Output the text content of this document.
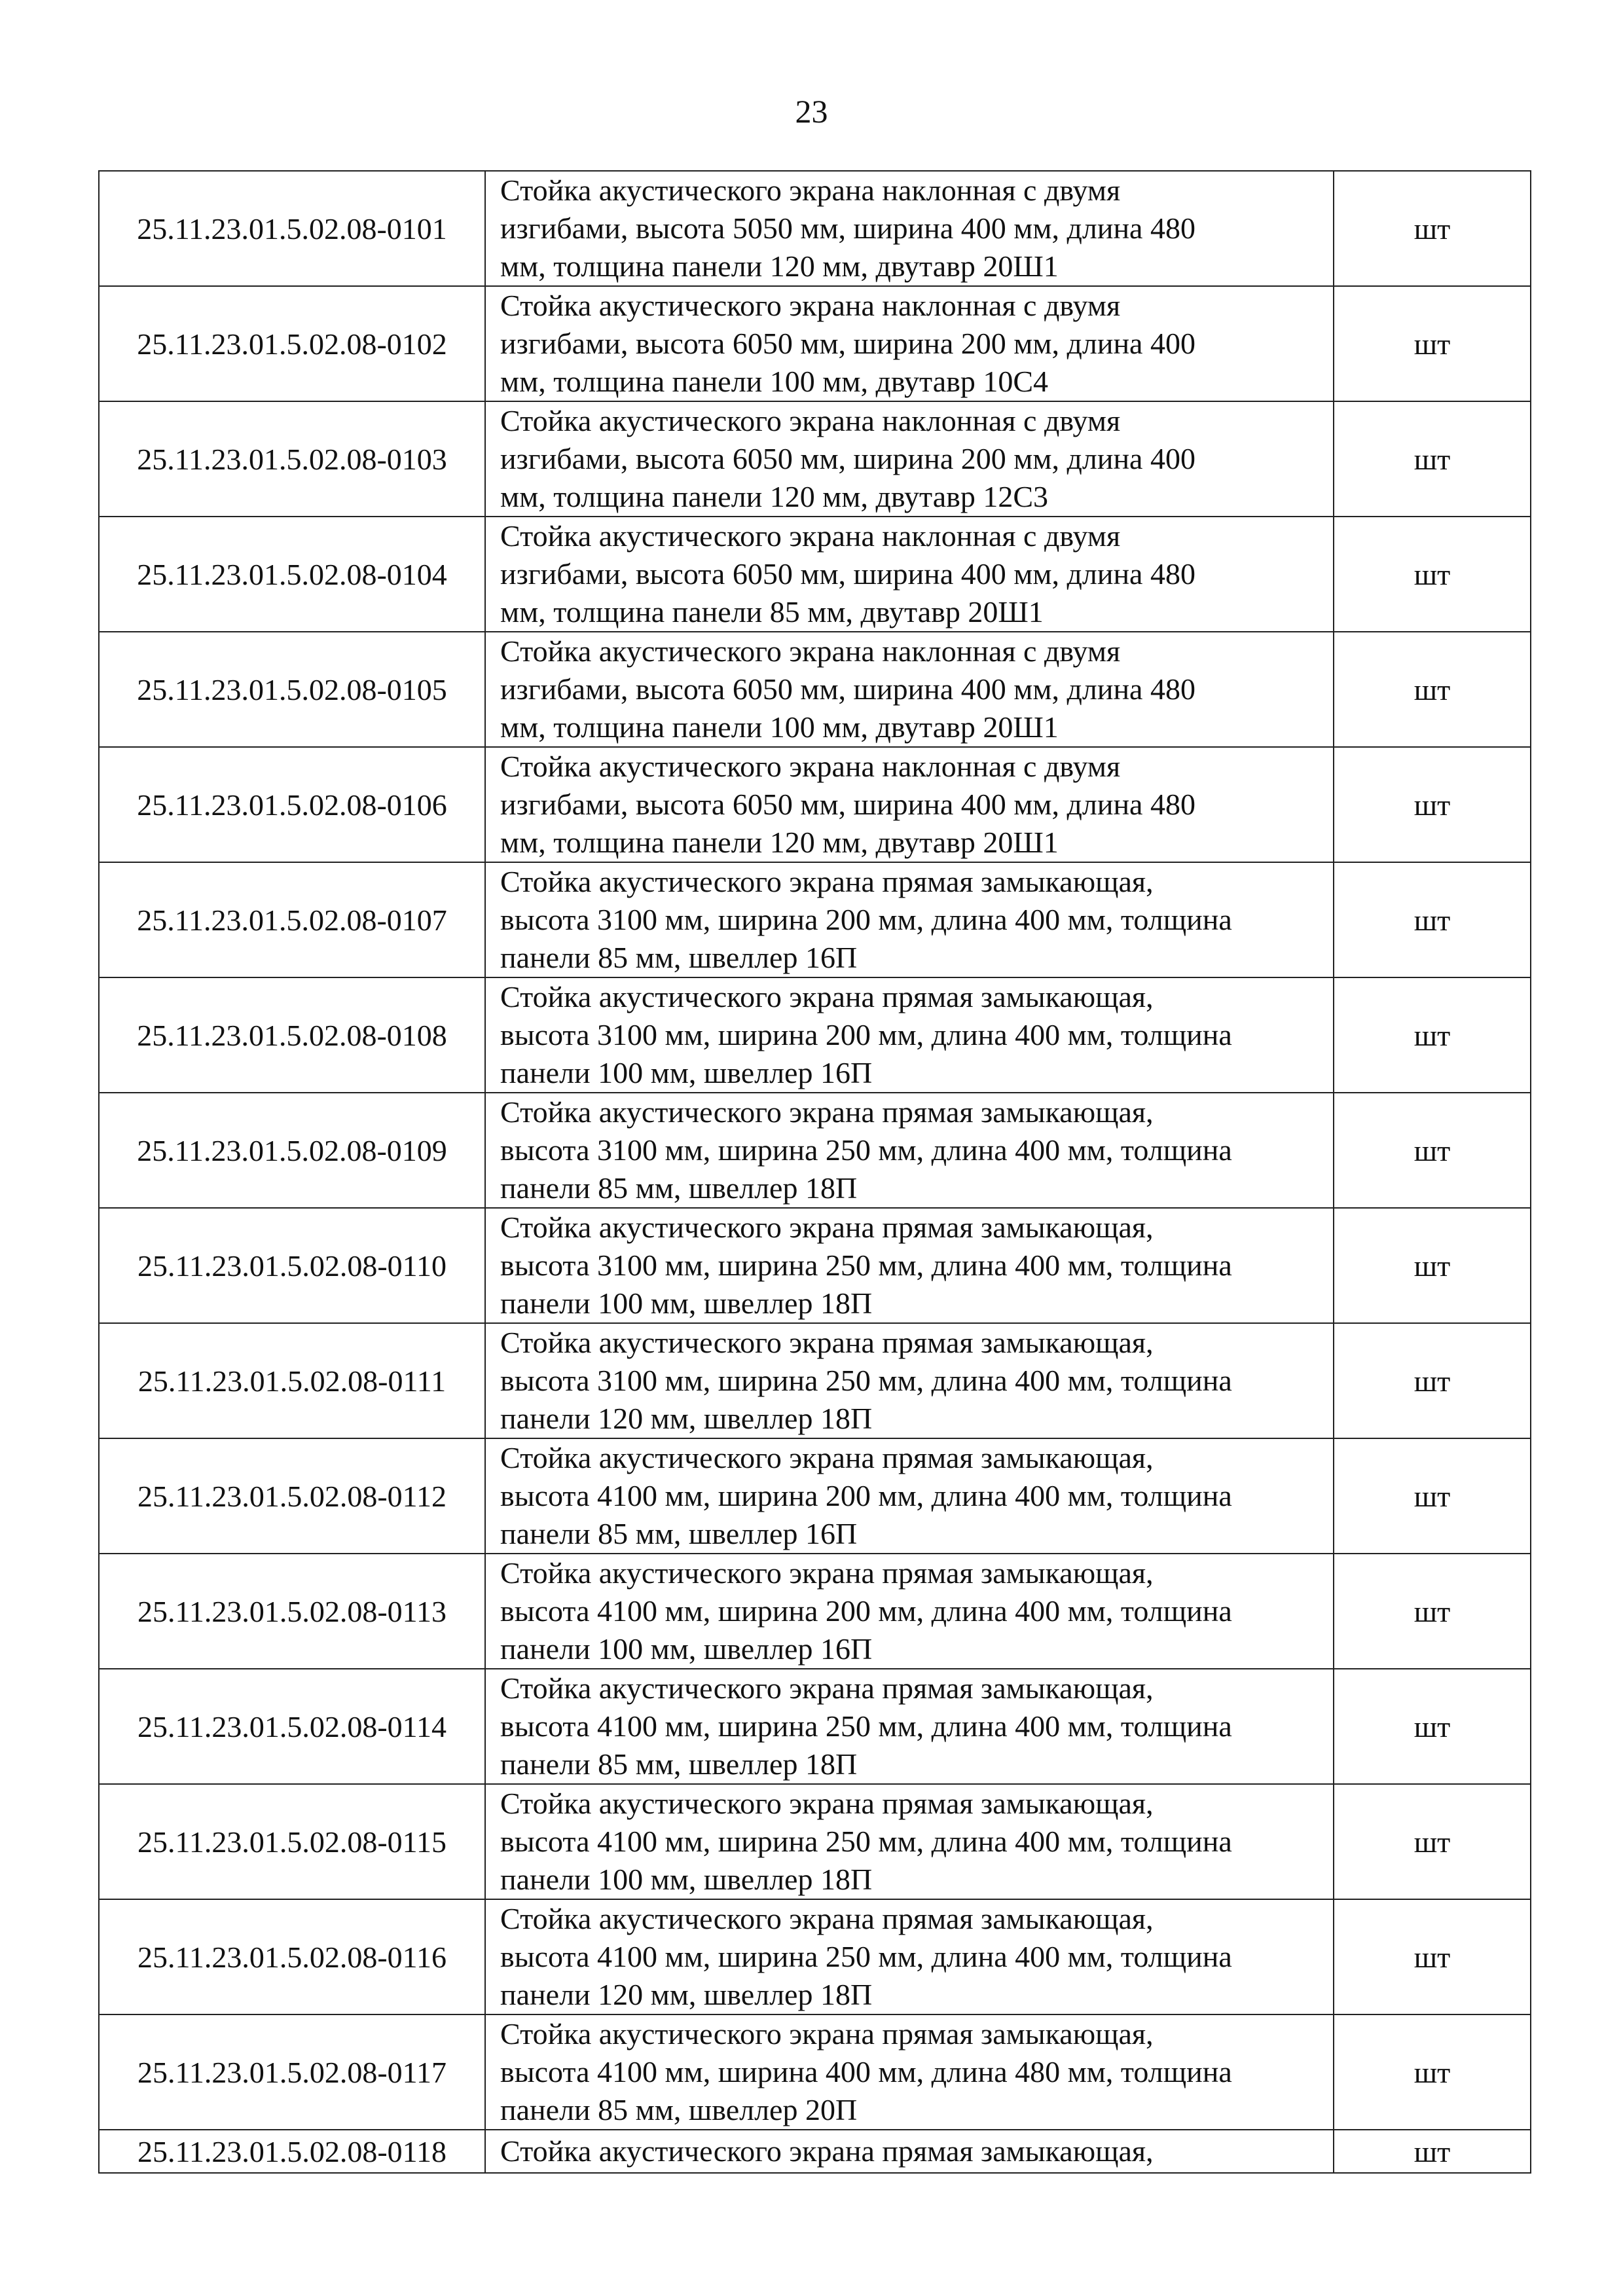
23
25.11.23.01.5.02.08-0101	Стойка акустического экрана наклонная с двумя
изгибами, высота 5050 мм, ширина 400 мм, длина 480
мм, толщина панели 120 мм, двутавр 20Ш1	шт
25.11.23.01.5.02.08-0102	Стойка акустического экрана наклонная с двумя
изгибами, высота 6050 мм, ширина 200 мм, длина 400
мм, толщина панели 100 мм, двутавр 10С4	шт
25.11.23.01.5.02.08-0103	Стойка акустического экрана наклонная с двумя
изгибами, высота 6050 мм, ширина 200 мм, длина 400
мм, толщина панели 120 мм, двутавр 12С3	шт
25.11.23.01.5.02.08-0104	Стойка акустического экрана наклонная с двумя
изгибами, высота 6050 мм, ширина 400 мм, длина 480
мм, толщина панели 85 мм, двутавр 20Ш1	шт
25.11.23.01.5.02.08-0105	Стойка акустического экрана наклонная с двумя
изгибами, высота 6050 мм, ширина 400 мм, длина 480
мм, толщина панели 100 мм, двутавр 20Ш1	шт
25.11.23.01.5.02.08-0106	Стойка акустического экрана наклонная с двумя
изгибами, высота 6050 мм, ширина 400 мм, длина 480
мм, толщина панели 120 мм, двутавр 20Ш1	шт
25.11.23.01.5.02.08-0107	Стойка акустического экрана прямая замыкающая,
высота 3100 мм, ширина 200 мм, длина 400 мм, толщина
панели 85 мм, швеллер 16П	шт
25.11.23.01.5.02.08-0108	Стойка акустического экрана прямая замыкающая,
высота 3100 мм, ширина 200 мм, длина 400 мм, толщина
панели 100 мм, швеллер 16П	шт
25.11.23.01.5.02.08-0109	Стойка акустического экрана прямая замыкающая,
высота 3100 мм, ширина 250 мм, длина 400 мм, толщина
панели 85 мм, швеллер 18П	шт
25.11.23.01.5.02.08-0110	Стойка акустического экрана прямая замыкающая,
высота 3100 мм, ширина 250 мм, длина 400 мм, толщина
панели 100 мм, швеллер 18П	шт
25.11.23.01.5.02.08-0111	Стойка акустического экрана прямая замыкающая,
высота 3100 мм, ширина 250 мм, длина 400 мм, толщина
панели 120 мм, швеллер 18П	шт
25.11.23.01.5.02.08-0112	Стойка акустического экрана прямая замыкающая,
высота 4100 мм, ширина 200 мм, длина 400 мм, толщина
панели 85 мм, швеллер 16П	шт
25.11.23.01.5.02.08-0113	Стойка акустического экрана прямая замыкающая,
высота 4100 мм, ширина 200 мм, длина 400 мм, толщина
панели 100 мм, швеллер 16П	шт
25.11.23.01.5.02.08-0114	Стойка акустического экрана прямая замыкающая,
высота 4100 мм, ширина 250 мм, длина 400 мм, толщина
панели 85 мм, швеллер 18П	шт
25.11.23.01.5.02.08-0115	Стойка акустического экрана прямая замыкающая,
высота 4100 мм, ширина 250 мм, длина 400 мм, толщина
панели 100 мм, швеллер 18П	шт
25.11.23.01.5.02.08-0116	Стойка акустического экрана прямая замыкающая,
высота 4100 мм, ширина 250 мм, длина 400 мм, толщина
панели 120 мм, швеллер 18П	шт
25.11.23.01.5.02.08-0117	Стойка акустического экрана прямая замыкающая,
высота 4100 мм, ширина 400 мм, длина 480 мм, толщина
панели 85 мм, швеллер 20П	шт
25.11.23.01.5.02.08-0118	Стойка акустического экрана прямая замыкающая,	шт
